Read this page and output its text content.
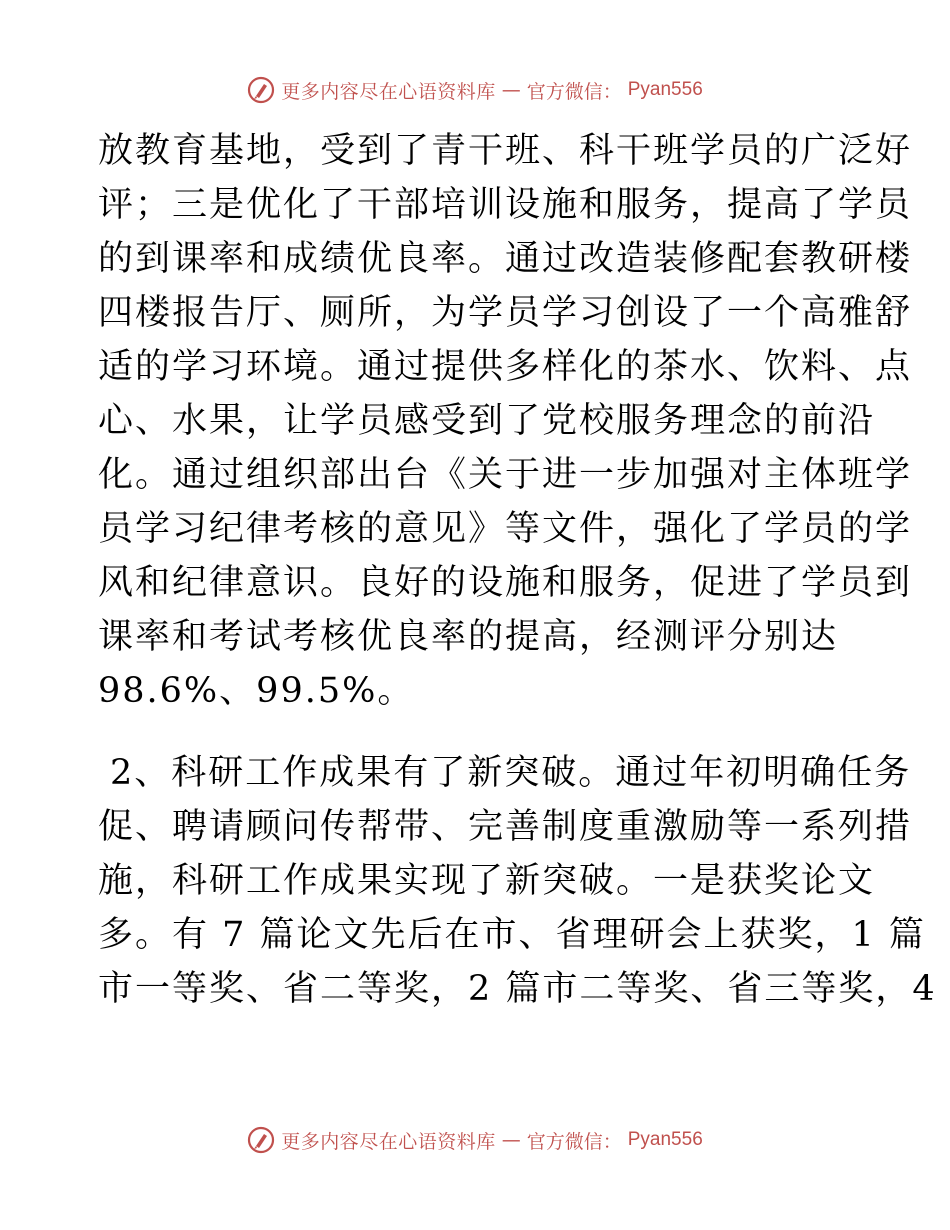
更多内容尽在心语资料库 — 官方微信： Pyan556

放教育基地，受到了青干班、科干班学员的广泛好

评；三是优化了干部培训设施和服务，提高了学员

的到课率和成绩优良率。通过改造装修配套教研楼

四楼报告厅、厕所，为学员学习创设了一个高雅舒

适的学习环境。通过提供多样化的茶水、饮料、点

心、水果，让学员感受到了党校服务理念的前沿

化。通过组织部出台《关于进一步加强对主体班学

员学习纪律考核的意见》等文件，强化了学员的学

风和纪律意识。良好的设施和服务，促进了学员到

课率和考试考核优良率的提高，经测评分别达

98.6%、99.5%。

2、科研工作成果有了新突破。通过年初明确任务

促、聘请顾问传帮带、完善制度重激励等一系列措

施，科研工作成果实现了新突破。一是获奖论文

多。有 7 篇论文先后在市、省理研会上获奖，1 篇

市一等奖、省二等奖，2 篇市二等奖、省三等奖，4

更多内容尽在心语资料库 — 官方微信： Pyan556
